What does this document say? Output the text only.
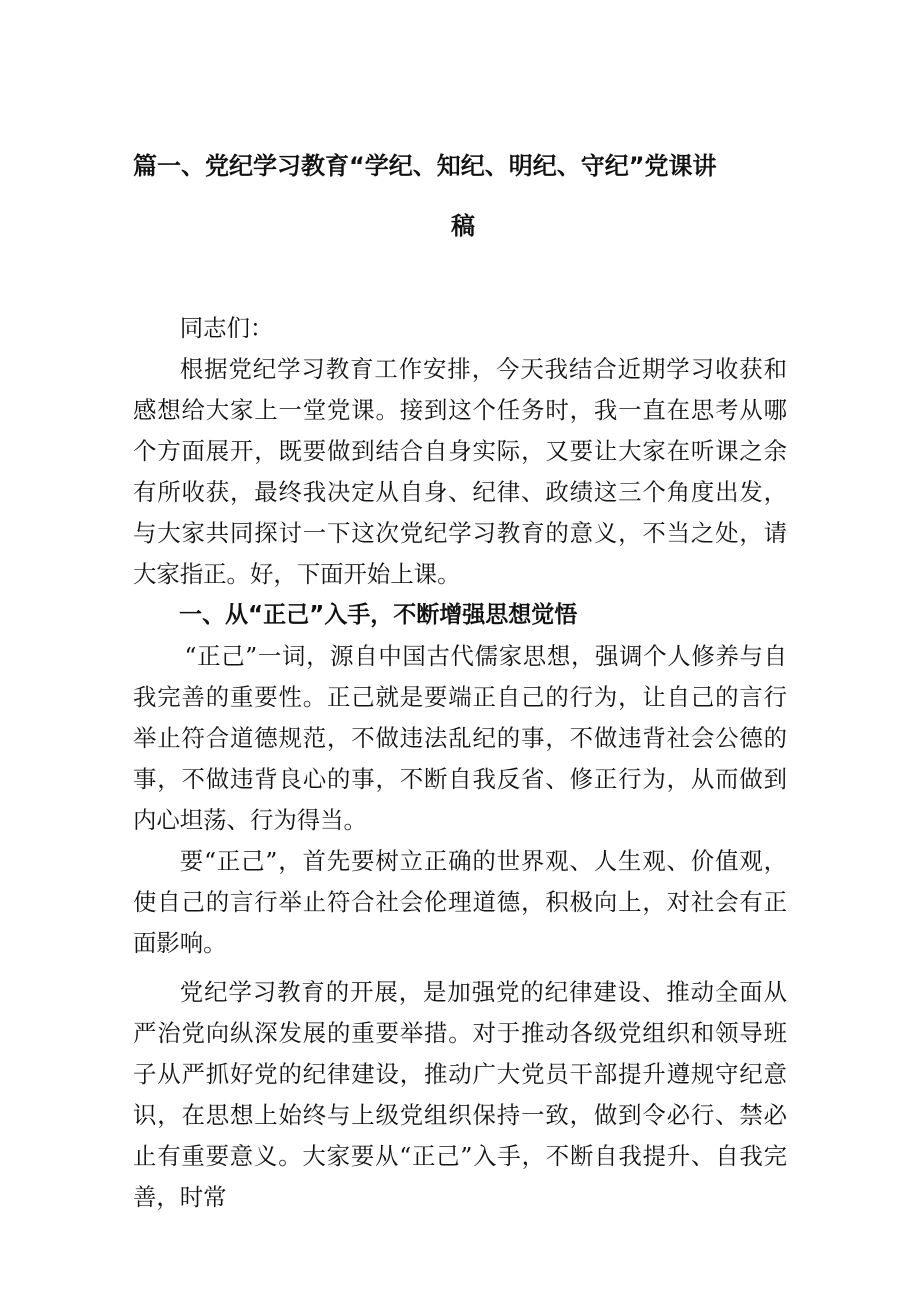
篇一、党纪学习教育“学纪、知纪、明纪、守纪”党课讲
稿

同志们：

根据党纪学习教育工作安排，今天我结合近期学习收获和感想给大家上一堂党课。接到这个任务时，我一直在思考从哪个方面展开，既要做到结合自身实际，又要让大家在听课之余有所收获，最终我决定从自身、纪律、政绩这三个角度出发，与大家共同探讨一下这次党纪学习教育的意义，不当之处，请大家指正。好，下面开始上课。

一、从“正己”入手，不断增强思想觉悟

“正己”一词，源自中国古代儒家思想，强调个人修养与自我完善的重要性。正己就是要端正自己的行为，让自己的言行举止符合道德规范，不做违法乱纪的事，不做违背社会公德的事，不做违背良心的事，不断自我反省、修正行为，从而做到内心坦荡、行为得当。

要“正己”，首先要树立正确的世界观、人生观、价值观，使自己的言行举止符合社会伦理道德，积极向上，对社会有正面影响。

党纪学习教育的开展，是加强党的纪律建设、推动全面从严治党向纵深发展的重要举措。对于推动各级党组织和领导班子从严抓好党的纪律建设，推动广大党员干部提升遵规守纪意识，在思想上始终与上级党组织保持一致，做到令必行、禁必止有重要意义。大家要从“正己”入手，不断自我提升、自我完善，时常
